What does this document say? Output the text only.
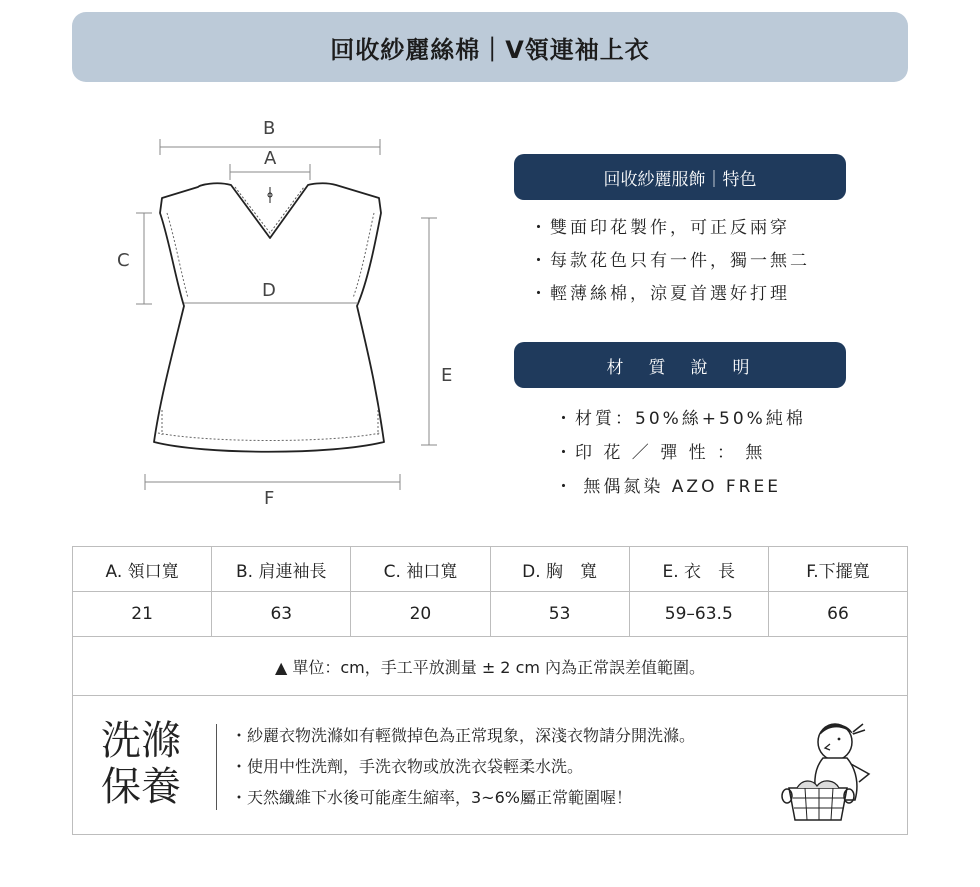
回收紗麗絲棉｜V領連袖上衣
B
A
C
D
E
F
回收紗麗服飾｜特色
・雙面印花製作，可正反兩穿
・每款花色只有一件，獨一無二
・輕薄絲棉，涼夏首選好打理
材　質　說　明
・材質：50%絲+50%純棉
・印 花 ／ 彈 性 ： 無
・ 無偶氮染 AZO FREE
A. 領口寬	B. 肩連袖長	C. 袖口寬	D. 胸　寬	E. 衣　長	F.下擺寬
21	63	20	53	59–63.5	66
▲ 單位：cm，手工平放測量 ± 2 cm 內為正常誤差值範圍。
洗滌
保養
・紗麗衣物洗滌如有輕微掉色為正常現象，深淺衣物請分開洗滌。
・使用中性洗劑，手洗衣物或放洗衣袋輕柔水洗。
・天然纖維下水後可能產生縮率，3~6%屬正常範圍喔！
